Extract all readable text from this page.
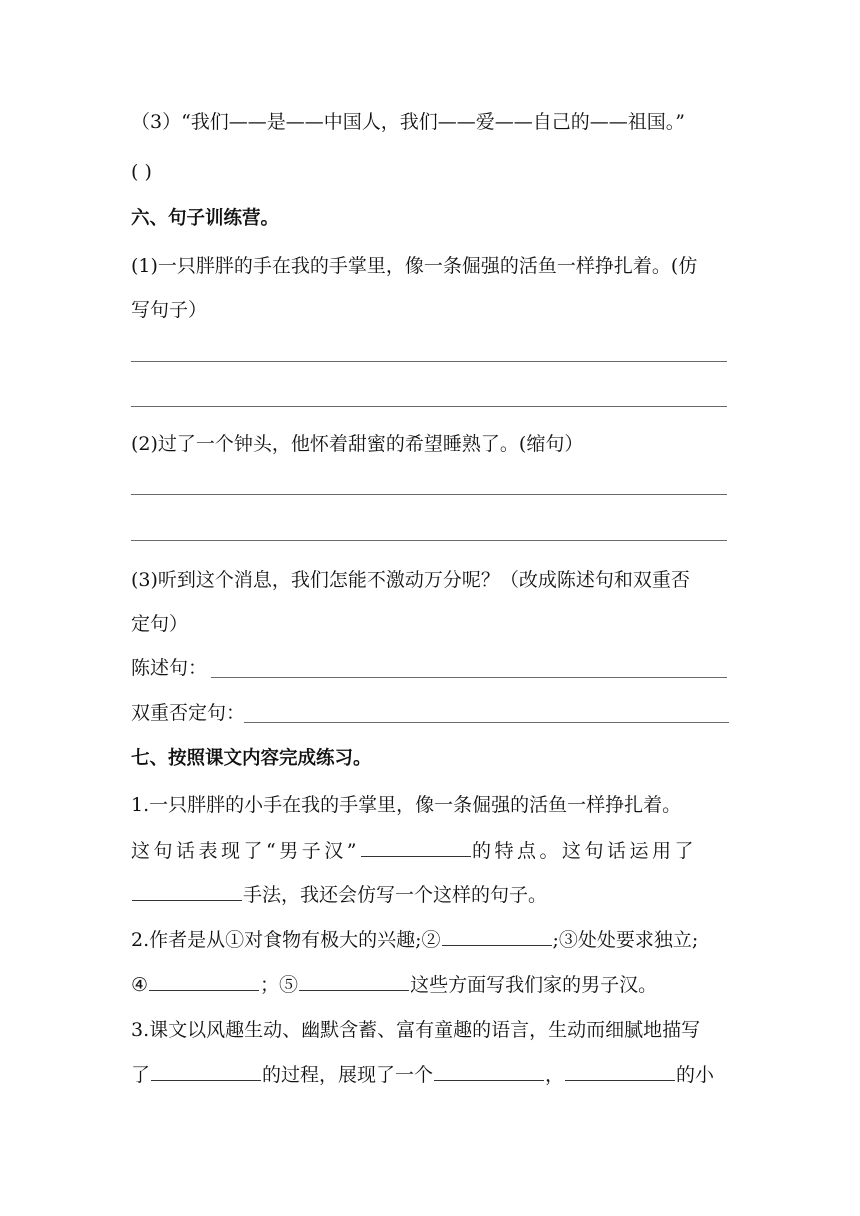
（3）“我们——是——中国人，我们——爱——自己的——祖国。”
( )
六、句子训练营。
(1)一只胖胖的手在我的手掌里，像一条倔强的活鱼一样挣扎着。(仿
写句子）
(2)过了一个钟头，他怀着甜蜜的希望睡熟了。(缩句）
(3)听到这个消息，我们怎能不激动万分呢？（改成陈述句和双重否
定句）
陈述句：
双重否定句：
七、按照课文内容完成练习。
1.一只胖胖的小手在我的手掌里，像一条倔强的活鱼一样挣扎着。
这句话表现了“男子汉”	的特点。这句话运用了
手法，我还会仿写一个这样的句子。
2.作者是从①对食物有极大的兴趣;②	;③处处要求独立;
④	；⑤	这些方面写我们家的男子汉。
3.课文以风趣生动、幽默含蓄、富有童趣的语言，生动而细腻地描写
了	的过程，展现了一个	，	的小
